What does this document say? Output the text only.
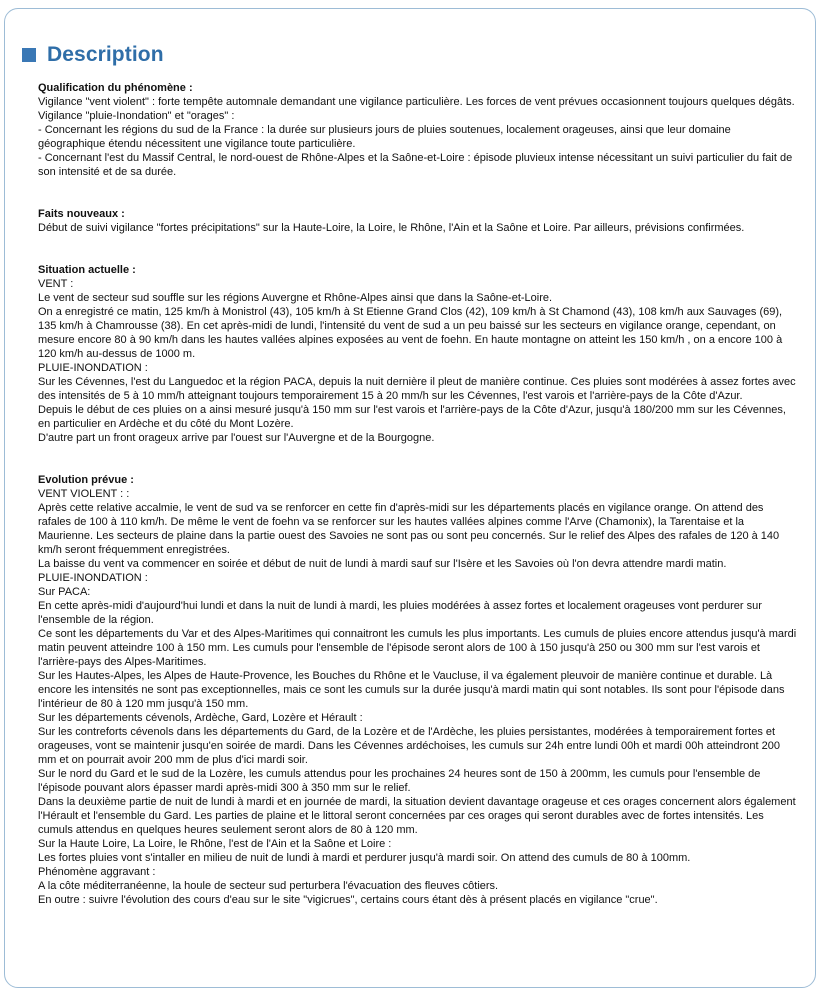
Description
Qualification du phénomène :
Vigilance "vent violent" : forte tempête automnale demandant une vigilance particulière. Les forces de vent prévues occasionnent toujours quelques dégâts.
Vigilance "pluie-Inondation" et "orages" :
- Concernant les régions du sud de la France : la durée sur plusieurs jours de pluies soutenues, localement orageuses, ainsi que leur domaine géographique étendu nécessitent une vigilance toute particulière.
- Concernant l'est du Massif Central, le nord-ouest de Rhône-Alpes et la Saône-et-Loire : épisode pluvieux intense nécessitant un suivi particulier du fait de son intensité et de sa durée.
Faits nouveaux :
Début de suivi vigilance "fortes précipitations" sur la Haute-Loire, la Loire, le Rhône, l'Ain et la Saône et Loire. Par ailleurs, prévisions confirmées.
Situation actuelle :
VENT :
Le vent de secteur sud souffle sur les régions Auvergne et Rhône-Alpes ainsi que dans la Saône-et-Loire.
On a enregistré ce matin, 125 km/h à Monistrol (43), 105 km/h à St Etienne Grand Clos (42), 109 km/h à St Chamond (43), 108 km/h aux Sauvages (69), 135 km/h à Chamrousse (38). En cet après-midi de lundi, l'intensité du vent de sud a un peu baissé sur les secteurs en vigilance orange, cependant, on mesure encore 80 à 90 km/h dans les hautes vallées alpines exposées au vent de foehn. En haute montagne on atteint les 150 km/h , on a encore 100 à 120 km/h au-dessus de 1000 m.
PLUIE-INONDATION :
Sur les Cévennes, l'est du Languedoc et la région PACA, depuis la nuit dernière il pleut de manière continue. Ces pluies sont modérées à assez fortes avec des intensités de 5 à 10 mm/h atteignant toujours temporairement 15 à 20 mm/h sur les Cévennes, l'est varois et l'arrière-pays de la Côte d'Azur.
Depuis le début de ces pluies on a ainsi mesuré jusqu'à 150 mm sur l'est varois et l'arrière-pays de la Côte d'Azur, jusqu'à 180/200 mm sur les Cévennes, en particulier en Ardèche et du côté du Mont Lozère.
D'autre part un front orageux arrive par l'ouest sur l'Auvergne et de la Bourgogne.
Evolution prévue :
VENT VIOLENT : :
Après cette relative accalmie, le vent de sud va se renforcer en cette fin d'après-midi sur les départements placés en vigilance orange. On attend des rafales de 100 à 110 km/h. De même le vent de foehn va se renforcer sur les hautes vallées alpines comme l'Arve (Chamonix), la Tarentaise et la Maurienne. Les secteurs de plaine dans la partie ouest des Savoies ne sont pas ou sont peu concernés. Sur le relief des Alpes des rafales de 120 à 140 km/h seront fréquemment enregistrées.
La baisse du vent va commencer en soirée et début de nuit de lundi à mardi sauf sur l'Isère et les Savoies où l'on devra attendre mardi matin.
PLUIE-INONDATION :
Sur PACA:
En cette après-midi d'aujourd'hui lundi et dans la nuit de lundi à mardi, les pluies modérées à assez fortes et localement orageuses vont perdurer sur l'ensemble de la région.
Ce sont les départements du Var et des Alpes-Maritimes qui connaitront les cumuls les plus importants. Les cumuls de pluies encore attendus jusqu'à mardi matin peuvent atteindre 100 à 150 mm. Les cumuls pour l'ensemble de l'épisode seront alors de 100 à 150 jusqu'à 250 ou 300 mm sur l'est varois et l'arrière-pays des Alpes-Maritimes.
Sur les Hautes-Alpes, les Alpes de Haute-Provence, les Bouches du Rhône et le Vaucluse, il va également pleuvoir de manière continue et durable. Là encore les intensités ne sont pas exceptionnelles, mais ce sont les cumuls sur la durée jusqu'à mardi matin qui sont notables. Ils sont pour l'épisode dans l'intérieur de 80 à 120 mm jusqu'à 150 mm.
Sur les départements cévenols, Ardèche, Gard, Lozère et Hérault :
Sur les contreforts cévenols dans les départements du Gard, de la Lozère et de l'Ardèche, les pluies persistantes, modérées à temporairement fortes et orageuses, vont se maintenir jusqu'en soirée de mardi. Dans les Cévennes ardéchoises, les cumuls sur 24h entre lundi 00h et mardi 00h atteindront 200 mm et on pourrait avoir 200 mm de plus d'ici mardi soir.
Sur le nord du Gard et le sud de la Lozère, les cumuls attendus pour les prochaines 24 heures sont de 150 à 200mm, les cumuls pour l'ensemble de l'épisode pouvant alors épasser mardi après-midi 300 à 350 mm sur le relief.
Dans la deuxième partie de nuit de lundi à mardi et en journée de mardi, la situation devient davantage orageuse et ces orages concernent alors également l'Hérault et l'ensemble du Gard. Les parties de plaine et le littoral seront concernées par ces orages qui seront durables avec de fortes intensités. Les cumuls attendus en quelques heures seulement seront alors de 80 à 120 mm.
Sur la Haute Loire, La Loire, le Rhône, l'est de l'Ain et la Saône et Loire :
Les fortes pluies vont s'intaller en milieu de nuit de lundi à mardi et perdurer jusqu'à mardi soir. On attend des cumuls de 80 à 100mm.
Phénomène aggravant :
A la côte méditerranéenne, la houle de secteur sud perturbera l'évacuation des fleuves côtiers.
En outre : suivre l'évolution des cours d'eau sur le site "vigicrues", certains cours étant dès à présent placés en vigilance "crue".
